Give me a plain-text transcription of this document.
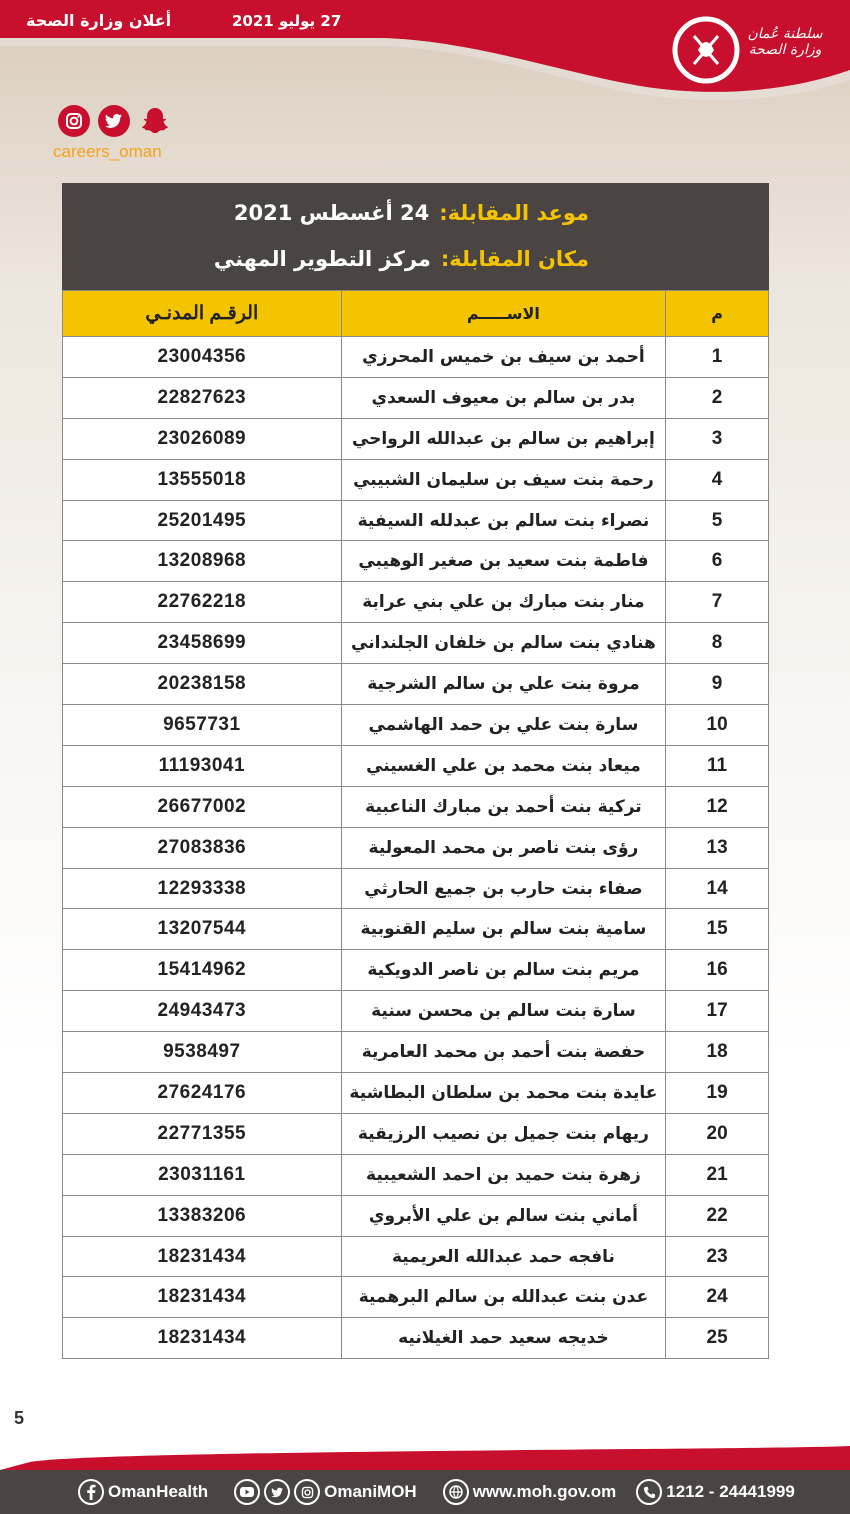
27 يوليو 2021
أعلان وزارة الصحة
سلطنة عُمان
وزارة الصحة
careers_oman
موعد المقابلة:
24 أغسطس 2021
مكان المقابلة:
مركز التطوير المهني
م	الاســـــم	الرقـم المدنـي
1	أحمد بن سيف بن خميس المحرزي	23004356
2	بدر بن سالم بن معيوف السعدي	22827623
3	إبراهيم بن سالم بن عبدالله الرواحي	23026089
4	رحمة بنت سيف بن سليمان الشبيبي	13555018
5	نصراء بنت سالم بن عبدلله السيفية	25201495
6	فاطمة بنت سعيد بن صغير الوهيبي	13208968
7	منار بنت مبارك بن علي بني عرابة	22762218
8	هنادي بنت سالم بن خلفان الجلنداني	23458699
9	مروة بنت علي بن سالم الشرجية	20238158
10	سارة بنت علي بن حمد الهاشمي	9657731
11	ميعاد بنت محمد بن علي الغسيني	11193041
12	تركية بنت أحمد بن مبارك الناعبية	26677002
13	رؤى بنت ناصر بن محمد المعولية	27083836
14	صفاء بنت حارب بن جميع الحارثي	12293338
15	سامية بنت سالم بن سليم القنوبية	13207544
16	مريم بنت سالم بن ناصر الدويكية	15414962
17	سارة بنت سالم بن محسن سنية	24943473
18	حفصة بنت أحمد بن محمد العامرية	9538497
19	عايدة بنت محمد بن سلطان البطاشية	27624176
20	ريهام بنت جميل بن نصيب الرزيقية	22771355
21	زهرة بنت حميد بن احمد الشعيبية	23031161
22	أماني بنت سالم بن علي الأبروي	13383206
23	نافجه حمد عبدالله العريمية	18231434
24	عدن بنت عبدالله بن سالم البرهمية	18231434
25	خديجه سعيد حمد الغيلانيه	18231434
5
OmanHealth	OmaniMOH	www.moh.gov.om	1212 - 24441999
